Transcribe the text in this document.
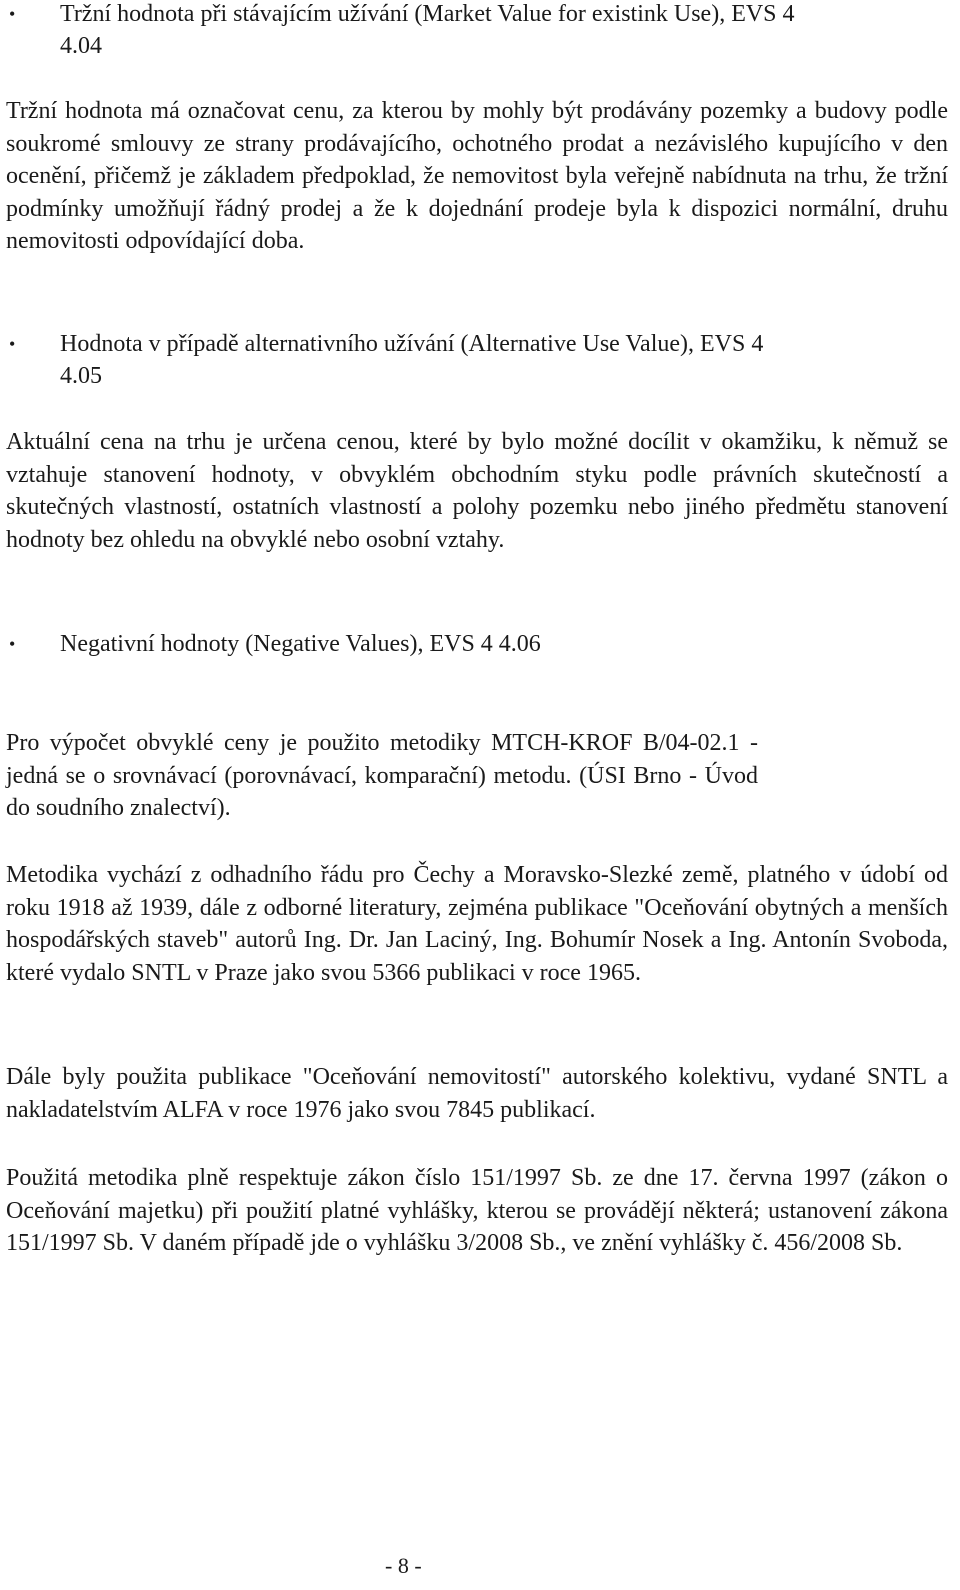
• Tržní hodnota při stávajícím užívání (Market Value for existink Use), EVS 4
4.04
Tržní hodnota má označovat cenu, za kterou by mohly být prodávány pozemky a budovy podle soukromé smlouvy ze strany prodávajícího, ochotného prodat a nezávislého kupujícího v den ocenění, přičemž je základem předpoklad, že nemovitost byla veřejně nabídnuta na trhu, že tržní podmínky umožňují řádný prodej a že k dojednání prodeje byla k dispozici normální, druhu nemovitosti odpovídající doba.
• Hodnota v případě alternativního užívání (Alternative Use Value), EVS 4
4.05
Aktuální cena na trhu je určena cenou, které by bylo možné docílit v okamžiku, k němuž se vztahuje stanovení hodnoty, v obvyklém obchodním styku podle právních skutečností a skutečných vlastností, ostatních vlastností a polohy pozemku nebo jiného předmětu stanovení hodnoty bez ohledu na obvyklé nebo osobní vztahy.
• Negativní hodnoty (Negative Values), EVS 4 4.06
Pro výpočet obvyklé ceny je použito metodiky MTCH-KROF B/04-02.1 - jedná se o srovnávací (porovnávací, komparační) metodu. (ÚSI Brno - Úvod do soudního znalectví).
Metodika vychází z odhadního řádu pro Čechy a Moravsko-Slezké země, platného v údobí od roku 1918 až 1939, dále z odborné literatury, zejména publikace "Oceňování obytných a menších hospodářských staveb" autorů Ing. Dr. Jan Laciný, Ing. Bohumír Nosek a Ing. Antonín Svoboda, které vydalo SNTL v Praze jako svou 5366 publikaci v roce 1965.
Dále byly použita publikace "Oceňování nemovitostí" autorského kolektivu, vydané SNTL a nakladatelstvím ALFA v roce 1976 jako svou 7845 publikací.
Použitá metodika plně respektuje zákon číslo 151/1997 Sb. ze dne 17. června 1997 (zákon o Oceňování majetku) při použití platné vyhlášky, kterou se provádějí některá; ustanovení zákona 151/1997 Sb. V daném případě jde o vyhlášku 3/2008 Sb., ve znění vyhlášky č. 456/2008 Sb.
- 8 -
